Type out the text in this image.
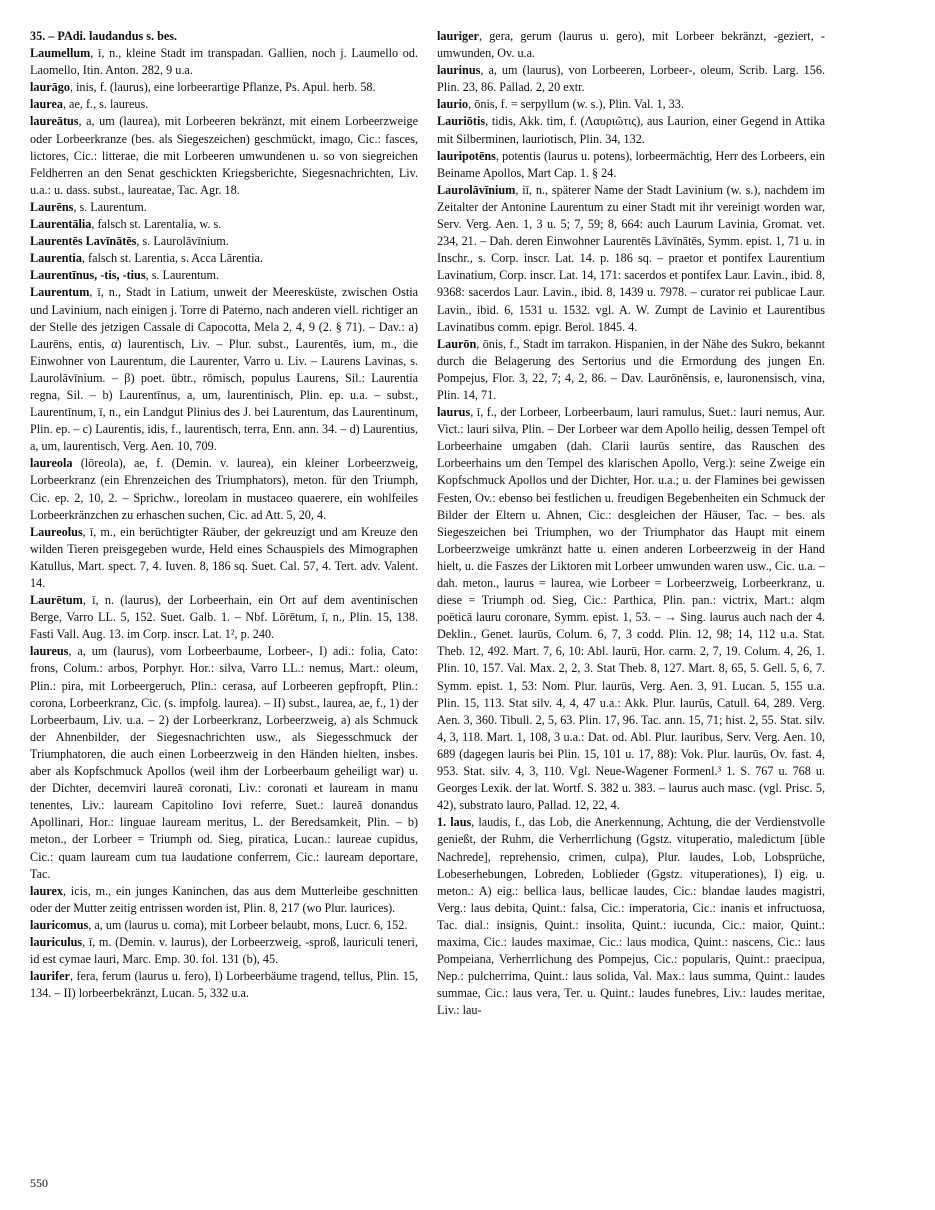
35. – PAdi. laudandus s. bes.

Laumellum, ī, n., kleine Stadt im transpadan. Gallien, noch j. Laumello od. Laomello, Itin. Anton. 282, 9 u.a.

laurāgo, inis, f. (laurus), eine lorbeerartige Pflanze, Ps. Apul. herb. 58.

laurea, ae, f., s. laureus.

laureātus, a, um (laurea), mit Lorbeeren bekränzt, mit einem Lorbeerzweige oder Lorbeerkranze (bes. als Siegeszeichen) geschmückt, imago, Cic.: fasces, lictores, Cic.: litterae, die mit Lorbeeren umwundenen u. so von siegreichen Feldherren an den Senat geschickten Kriegsberichte, Siegesnachrichten, Liv. u.a.: u. dass. subst., laureatae, Tac. Agr. 18.

Laurēns, s. Laurentum.

Laurentālia, falsch st. Larentalia, w. s.

Laurentēs Lavīnātēs, s. Laurolāvīnium.

Laurentia, falsch st. Larentia, s. Acca Lārentia.

Laurentīnus, -tis, -tius, s. Laurentum.

Laurentum, ī, n., Stadt in Latium, unweit der Meeresküste, zwischen Ostia und Lavinium, nach einigen j. Torre di Paterno, nach anderen viell. richtiger an der Stelle des jetzigen Cassale di Capocotta, Mela 2, 4, 9 (2. § 71). – Dav.: a) Laurēns, entis, α) laurentisch, Liv. – Plur. subst., Laurentēs, ium, m., die Einwohner von Laurentum, die Laurenter, Varro u. Liv. – Laurens Lavinas, s. Laurolāvīnium. – β) poet. übtr., römisch, populus Laurens, Sil.: Laurentia regna, Sil. – b) Laurentīnus, a, um, laurentinisch, Plin. ep. u.a. – subst., Laurentīnum, ī, n., ein Landgut Plinius des J. bei Laurentum, das Laurentinum, Plin. ep. – c) Laurentis, idis, f., laurentisch, terra, Enn. ann. 34. – d) Laurentius, a, um, laurentisch, Verg. Aen. 10, 709.

laureola (lōreola), ae, f. (Demin. v. laurea), ein kleiner Lorbeerzweig, Lorbeerkranz (ein Ehrenzeichen des Triumphators), meton. für den Triumph, Cic. ep. 2, 10, 2. – Sprichw., loreolam in mustaceo quaerere, ein wohlfeiles Lorbeerkränzchen zu erhaschen suchen, Cic. ad Att. 5, 20, 4.

Laureolus, ī, m., ein berüchtigter Räuber, der gekreuzigt und am Kreuze den wilden Tieren preisgegeben wurde, Held eines Schauspiels des Mimographen Katullus, Mart. spect. 7, 4. Iuven. 8, 186 sq. Suet. Cal. 57, 4. Tert. adv. Valent. 14.

Laurētum, ī, n. (laurus), der Lorbeerhain, ein Ort auf dem aventinischen Berge, Varro LL. 5, 152. Suet. Galb. 1. – Nbf. Lōrētum, ī, n., Plin. 15, 138. Fasti Vall. Aug. 13. im Corp. inscr. Lat. 1², p. 240.

laureus, a, um (laurus), vom Lorbeerbaume, Lorbeer-, I) adi.: folia, Cato: frons, Colum.: arbos, Porphyr. Hor.: silva, Varro LL.: nemus, Mart.: oleum, Plin.: pira, mit Lorbeergeruch, Plin.: cerasa, auf Lorbeeren gepfropft, Plin.: corona, Lorbeerkranz, Cic. (s. impfolg. laurea). – II) subst., laurea, ae, f., 1) der Lorbeerbaum, Liv. u.a. – 2) der Lorbeerkranz, Lorbeerzweig, a) als Schmuck der Ahnenbilder, der Siegesnachrichten usw., als Siegesschmuck der Triumphatoren, die auch einen Lorbeerzweig in den Händen hielten, insbes. aber als Kopfschmuck Apollos (weil ihm der Lorbeerbaum geheiligt war) u. der Dichter, decemviri laureā coronati, Liv.: coronati et lauream in manu tenentes, Liv.: lauream Capitolino Iovi referre, Suet.: laureā donandus Apollinari, Hor.: linguae lauream meritus, L. der Beredsamkeit, Plin. – b) meton., der Lorbeer = Triumph od. Sieg, piratica, Lucan.: laureae cupidus, Cic.: quam lauream cum tua laudatione conferrem, Cic.: lauream deportare, Tac.

laurex, icis, m., ein junges Kaninchen, das aus dem Mutterleibe geschnitten oder der Mutter zeitig entrissen worden ist, Plin. 8, 217 (wo Plur. laurices).

lauricomus, a, um (laurus u. coma), mit Lorbeer belaubt, mons, Lucr. 6, 152.

lauriculus, ī, m. (Demin. v. laurus), der Lorbeerzweig, -sproß, lauriculi teneri, id est cymae lauri, Marc. Emp. 30. fol. 131 (b), 45.

laurifer, fera, ferum (laurus u. fero), I) Lorbeerbäume tragend, tellus, Plin. 15, 134. – II) lorbeerbekränzt, Lucan. 5, 332 u.a.

lauriger, gera, gerum (laurus u. gero), mit Lorbeer bekränzt, -geziert, -umwunden, Ov. u.a.

laurinus, a, um (laurus), von Lorbeeren, Lorbeer-, oleum, Scrib. Larg. 156. Plin. 23, 86. Pallad. 2, 20 extr.

laurio, ōnis, f. = serpyllum (w. s.), Plin. Val. 1, 33.

Lauriōtis, tidis, Akk. tim, f. (Λαυριῶτις), aus Laurion, einer Gegend in Attika mit Silberminen, lauriotisch, Plin. 34, 132.

lauripotēns, potentis (laurus u. potens), lorbeermächtig, Herr des Lorbeers, ein Beiname Apollos, Mart Cap. 1. § 24.

Laurolāvīnium, iī, n., späterer Name der Stadt Lavinium (w. s.), nachdem im Zeitalter der Antonine Laurentum zu einer Stadt mit ihr vereinigt worden war, Serv. Verg. Aen. 1, 3 u. 5; 7, 59; 8, 664: auch Laurum Lavinia, Gromat. vet. 234, 21. – Dah. deren Einwohner Laurentēs Lāvīnātēs, Symm. epist. 1, 71 u. in Inschr., s. Corp. inscr. Lat. 14. p. 186 sq. – praetor et pontifex Laurentium Lavinatium, Corp. inscr. Lat. 14, 171: sacerdos et pontifex Laur. Lavin., ibid. 8, 9368: sacerdos Laur. Lavin., ibid. 8, 1439 u. 7978. – curator rei publicae Laur. Lavin., ibid. 6, 1531 u. 1532. vgl. A. W. Zumpt de Lavinio et Laurentibus Lavinatibus comm. epigr. Berol. 1845. 4.

Laurōn, ōnis, f., Stadt im tarrakon. Hispanien, in der Nähe des Sukro, bekannt durch die Belagerung des Sertorius und die Ermordung des jungen En. Pompejus, Flor. 3, 22, 7; 4, 2, 86. – Dav. Laurōnēnsis, e, lauronensisch, vina, Plin. 14, 71.

laurus, ī, f., der Lorbeer, Lorbeerbaum, lauri ramulus, Suet.: lauri nemus, Aur. Vict.: lauri silva, Plin. – Der Lorbeer war dem Apollo heilig, dessen Tempel oft Lorbeerhaine umgaben (dah. Clarii laurūs sentire, das Rauschen des Lorbeerhains um den Tempel des klarischen Apollo, Verg.): seine Zweige ein Kopfschmuck Apollos und der Dichter, Hor. u.a.; u. der Flamines bei gewissen Festen, Ov.: ebenso bei festlichen u. freudigen Begebenheiten ein Schmuck der Bilder der Eltern u. Ahnen, Cic.: desgleichen der Häuser, Tac. – bes. als Siegeszeichen bei Triumphen, wo der Triumphator das Haupt mit einem Lorbeerzweige umkränzt hatte u. einen anderen Lorbeerzweig in der Hand hielt, u. die Faszes der Liktoren mit Lorbeer umwunden waren usw., Cic. u.a. – dah. meton., laurus = laurea, wie Lorbeer = Lorbeerzweig, Lorbeerkranz, u. diese = Triumph od. Sieg, Cic.: Parthica, Plin. pan.: victrix, Mart.: alqm poëticā lauru coronare, Symm. epist. 1, 53. – → Sing. laurus auch nach der 4. Deklin., Genet. laurūs, Colum. 6, 7, 3 codd. Plin. 12, 98; 14, 112 u.a. Stat. Theb. 12, 492. Mart. 7, 6, 10: Abl. laurū, Hor. carm. 2, 7, 19. Colum. 4, 26, 1. Plin. 10, 157. Val. Max. 2, 2, 3. Stat Theb. 8, 127. Mart. 8, 65, 5. Gell. 5, 6, 7. Symm. epist. 1, 53: Nom. Plur. laurūs, Verg. Aen. 3, 91. Lucan. 5, 155 u.a. Plin. 15, 113. Stat silv. 4, 4, 47 u.a.: Akk. Plur. laurūs, Catull. 64, 289. Verg. Aen. 3, 360. Tibull. 2, 5, 63. Plin. 17, 96. Tac. ann. 15, 71; hist. 2, 55. Stat. silv. 4, 3, 118. Mart. 1, 108, 3 u.a.: Dat. od. Abl. Plur. lauribus, Serv. Verg. Aen. 10, 689 (dagegen lauris bei Plin. 15, 101 u. 17, 88): Vok. Plur. laurūs, Ov. fast. 4, 953. Stat. silv. 4, 3, 110. Vgl. Neue-Wagener Formenl.³ 1. S. 767 u. 768 u. Georges Lexik. der lat. Wortf. S. 382 u. 383. – laurus auch masc. (vgl. Prisc. 5, 42), substrato lauro, Pallad. 12, 22, 4.

1. laus, laudis, f., das Lob, die Anerkennung, Achtung, die der Verdienstvolle genießt, der Ruhm, die Verherrlichung (Ggstz. vituperatio, maledictum [üble Nachrede], reprehensio, crimen, culpa), Plur. laudes, Lob, Lobsprüche, Lobeserhebungen, Lobreden, Loblieder (Ggstz. vituperationes), I) eig. u. meton.: A) eig.: bellica laus, bellicae laudes, Cic.: blandae laudes magistri, Verg.: laus debita, Quint.: falsa, Cic.: imperatoria, Cic.: inanis et infructuosa, Tac. dial.: insignis, Quint.: insolita, Quint.: iucunda, Cic.: maior, Quint.: maxima, Cic.: laudes maximae, Cic.: laus modica, Quint.: nascens, Cic.: laus Pompeiana, Verherrlichung des Pompejus, Cic.: popularis, Quint.: praecipua, Nep.: pulcherrima, Quint.: laus solida, Val. Max.: laus summa, Quint.: laudes summae, Cic.: laus vera, Ter. u. Quint.: laudes funebres, Liv.: laudes meritae, Liv.: lau-

550
